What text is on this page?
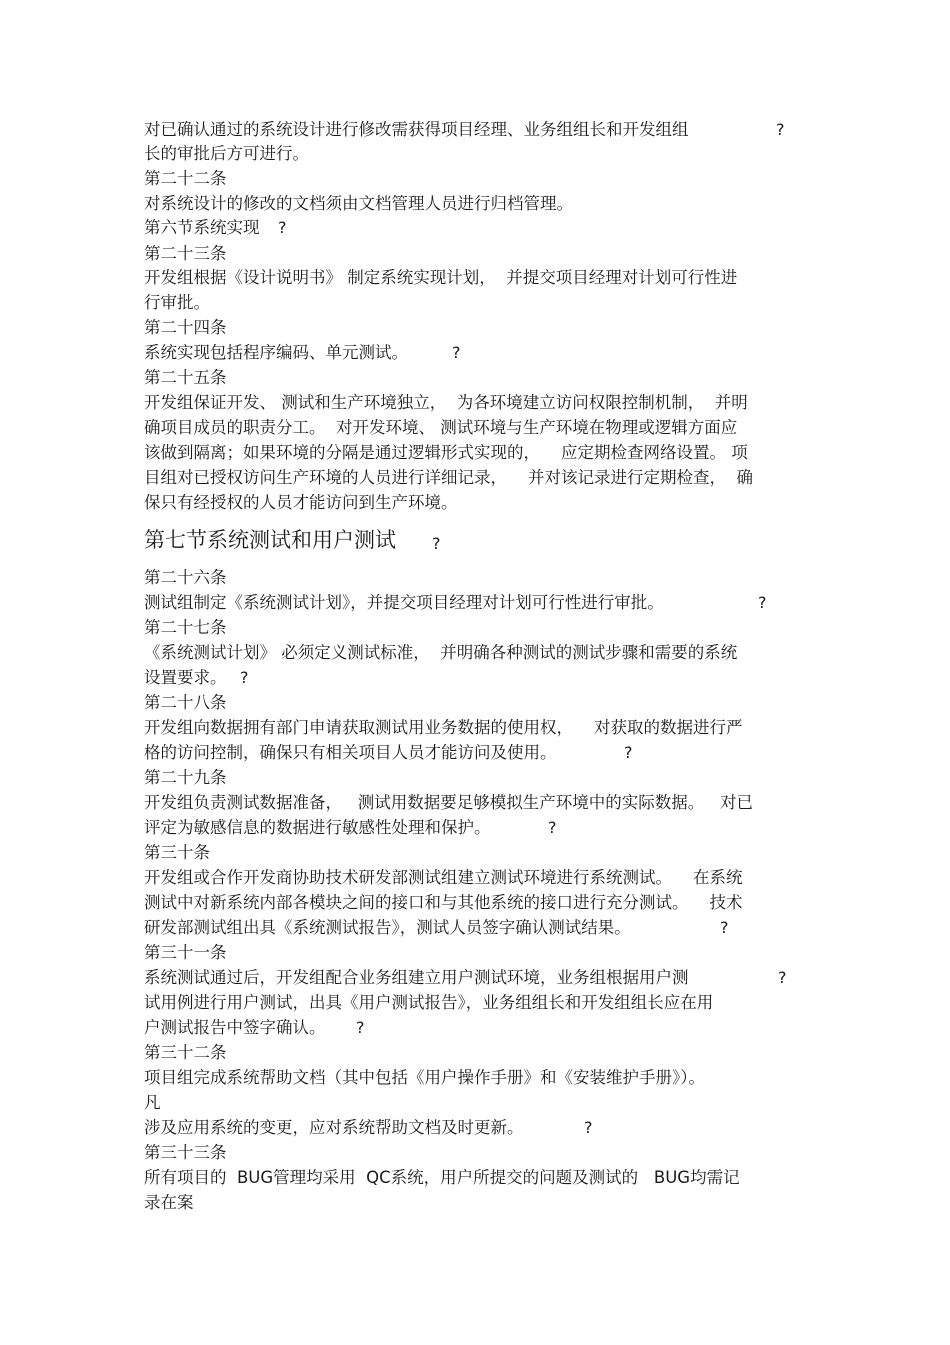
对已确认通过的系统设计进行修改需获得项目经理、业务组组长和开发组组	?
长的审批后方可进行。
第二十二条
对系统设计的修改的文档须由文档管理人员进行归档管理。
第六节系统实现 ?
第二十三条
开发组根据《设计说明书》 制定系统实现计划，  并提交项目经理对计划可行性进
行审批。
第二十四条
系统实现包括程序编码、单元测试。	?
第二十五条
开发组保证开发、 测试和生产环境独立，  为各环境建立访问权限控制机制，  并明
确项目成员的职责分工。  对开发环境、 测试环境与生产环境在物理或逻辑方面应
该做到隔离；如果环境的分隔是通过逻辑形式实现的，    应定期检查网络设置。 项
目组对已授权访问生产环境的人员进行详细记录，    并对该记录进行定期检查，  确
保只有经授权的人员才能访问到生产环境。
第七节系统测试和用户测试 ?
第二十六条
测试组制定《系统测试计划》，并提交项目经理对计划可行性进行审批。	?
第二十七条
《系统测试计划》 必须定义测试标准，  并明确各种测试的测试步骤和需要的系统
设置要求。 ?
第二十八条
开发组向数据拥有部门申请获取测试用业务数据的使用权，    对获取的数据进行严
格的访问控制，确保只有相关项目人员才能访问及使用。	?
第二十九条
开发组负责测试数据准备，   测试用数据要足够模拟生产环境中的实际数据。   对已
评定为敏感信息的数据进行敏感性处理和保护。	?
第三十条
开发组或合作开发商协助技术研发部测试组建立测试环境进行系统测试。    在系统
测试中对新系统内部各模块之间的接口和与其他系统的接口进行充分测试。    技术
研发部测试组出具《系统测试报告》，测试人员签字确认测试结果。	?
第三十一条
系统测试通过后，开发组配合业务组建立用户测试环境，业务组根据用户测	?
试用例进行用户测试，出具《用户测试报告》，业务组组长和开发组组长应在用
户测试报告中签字确认。 ?
第三十二条
项目组完成系统帮助文档（其中包括《用户操作手册》和《安装维护手册》）。
凡
涉及应用系统的变更，应对系统帮助文档及时更新。	?
第三十三条
所有项目的  BUG管理均采用  QC系统，用户所提交的问题及测试的   BUG均需记
录在案
